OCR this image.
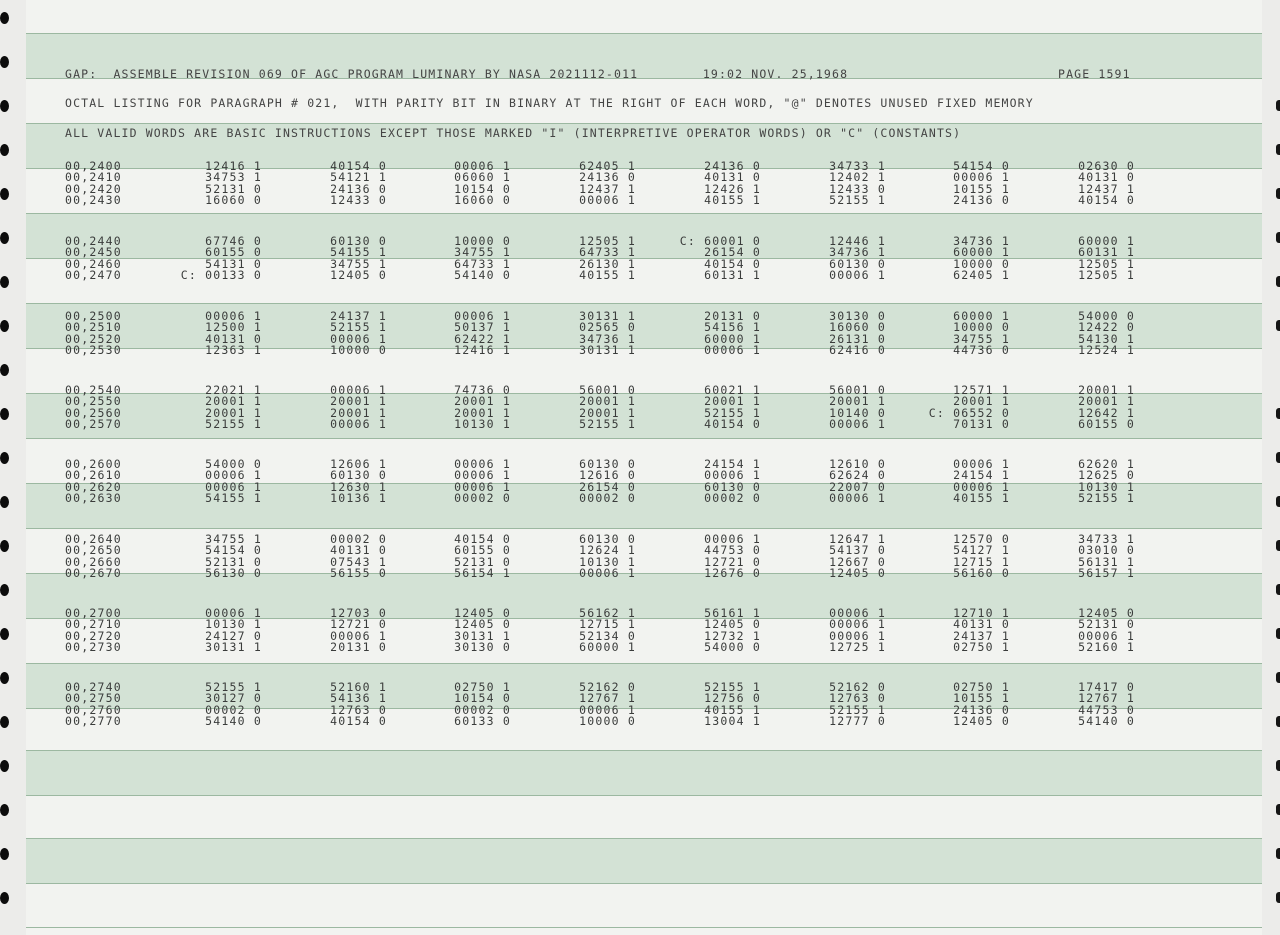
GAP:  ASSEMBLE REVISION 069 OF AGC PROGRAM LUMINARY BY NASA 2021112-011        19:02 NOV. 25,1968	PAGE 1591
OCTAL LISTING FOR PARAGRAPH # 021,  WITH PARITY BIT IN BINARY AT THE RIGHT OF EACH WORD, "@" DENOTES UNUSED FIXED MEMORY
ALL VALID WORDS ARE BASIC INSTRUCTIONS EXCEPT THOSE MARKED "I" (INTERPRETIVE OPERATOR WORDS) OR "C" (CONSTANTS)
00,2400	12416 1	40154 0	00006 1	62405 1	24136 0	34733 1	54154 0	02630 0
00,2410	34753 1	54121 1	06060 1	24136 0	40131 0	12402 1	00006 1	40131 0
00,2420	52131 0	24136 0	10154 0	12437 1	12426 1	12433 0	10155 1	12437 1
00,2430	16060 0	12433 0	16060 0	00006 1	40155 1	52155 1	24136 0	40154 0
00,2440	67746 0	60130 0	10000 0	12505 1	C: 60001 0	12446 1	34736 1	60000 1
00,2450	60155 0	54155 1	34755 1	64733 1	26154 0	34736 1	60000 1	60131 1
00,2460	54131 0	34755 1	64733 1	26130 1	40154 0	60130 0	10000 0	12505 1
00,2470	C: 00133 0	12405 0	54140 0	40155 1	60131 1	00006 1	62405 1	12505 1
00,2500	00006 1	24137 1	00006 1	30131 1	20131 0	30130 0	60000 1	54000 0
00,2510	12500 1	52155 1	50137 1	02565 0	54156 1	16060 0	10000 0	12422 0
00,2520	40131 0	00006 1	62422 1	34736 1	60000 1	26131 0	34755 1	54130 1
00,2530	12363 1	10000 0	12416 1	30131 1	00006 1	62416 0	44736 0	12524 1
00,2540	22021 1	00006 1	74736 0	56001 0	60021 1	56001 0	12571 1	20001 1
00,2550	20001 1	20001 1	20001 1	20001 1	20001 1	20001 1	20001 1	20001 1
00,2560	20001 1	20001 1	20001 1	20001 1	52155 1	10140 0	C: 06552 0	12642 1
00,2570	52155 1	00006 1	10130 1	52155 1	40154 0	00006 1	70131 0	60155 0
00,2600	54000 0	12606 1	00006 1	60130 0	24154 1	12610 0	00006 1	62620 1
00,2610	00006 1	60130 0	00006 1	12616 0	00006 1	62624 0	24154 1	12625 0
00,2620	00006 1	12630 1	00006 1	26154 0	60130 0	22007 0	00006 1	10130 1
00,2630	54155 1	10136 1	00002 0	00002 0	00002 0	00006 1	40155 1	52155 1
00,2640	34755 1	00002 0	40154 0	60130 0	00006 1	12647 1	12570 0	34733 1
00,2650	54154 0	40131 0	60155 0	12624 1	44753 0	54137 0	54127 1	03010 0
00,2660	52131 0	07543 1	52131 0	10130 1	12721 0	12667 0	12715 1	56131 1
00,2670	56130 0	56155 0	56154 1	00006 1	12676 0	12405 0	56160 0	56157 1
00,2700	00006 1	12703 0	12405 0	56162 1	56161 1	00006 1	12710 1	12405 0
00,2710	10130 1	12721 0	12405 0	12715 1	12405 0	00006 1	40131 0	52131 0
00,2720	24127 0	00006 1	30131 1	52134 0	12732 1	00006 1	24137 1	00006 1
00,2730	30131 1	20131 0	30130 0	60000 1	54000 0	12725 1	02750 1	52160 1
00,2740	52155 1	52160 1	02750 1	52162 0	52155 1	52162 0	02750 1	17417 0
00,2750	30127 0	54136 1	10154 0	12767 1	12756 0	12763 0	10155 1	12767 1
00,2760	00002 0	12763 0	00002 0	00006 1	40155 1	52155 1	24136 0	44753 0
00,2770	54140 0	40154 0	60133 0	10000 0	13004 1	12777 0	12405 0	54140 0
